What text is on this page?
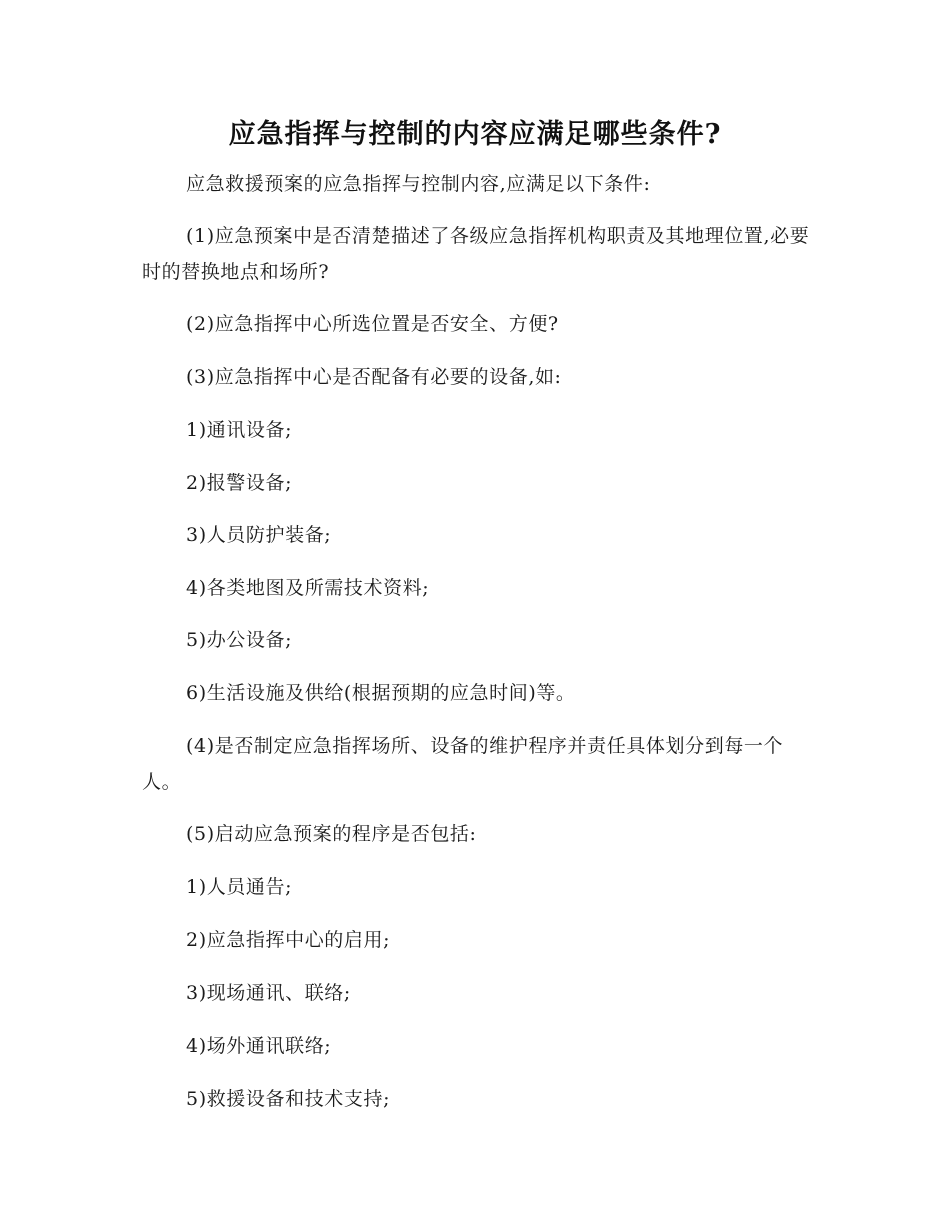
应急指挥与控制的内容应满足哪些条件?

应急救援预案的应急指挥与控制内容,应满足以下条件:

(1)应急预案中是否清楚描述了各级应急指挥机构职责及其地理位置,必要时的替换地点和场所?

(2)应急指挥中心所选位置是否安全、方便?

(3)应急指挥中心是否配备有必要的设备,如:

1)通讯设备;

2)报警设备;

3)人员防护装备;

4)各类地图及所需技术资料;

5)办公设备;

6)生活设施及供给(根据预期的应急时间)等。

(4)是否制定应急指挥场所、设备的维护程序并责任具体划分到每一个人。

(5)启动应急预案的程序是否包括:

1)人员通告;

2)应急指挥中心的启用;

3)现场通讯、联络;

4)场外通讯联络;

5)救援设备和技术支持;
